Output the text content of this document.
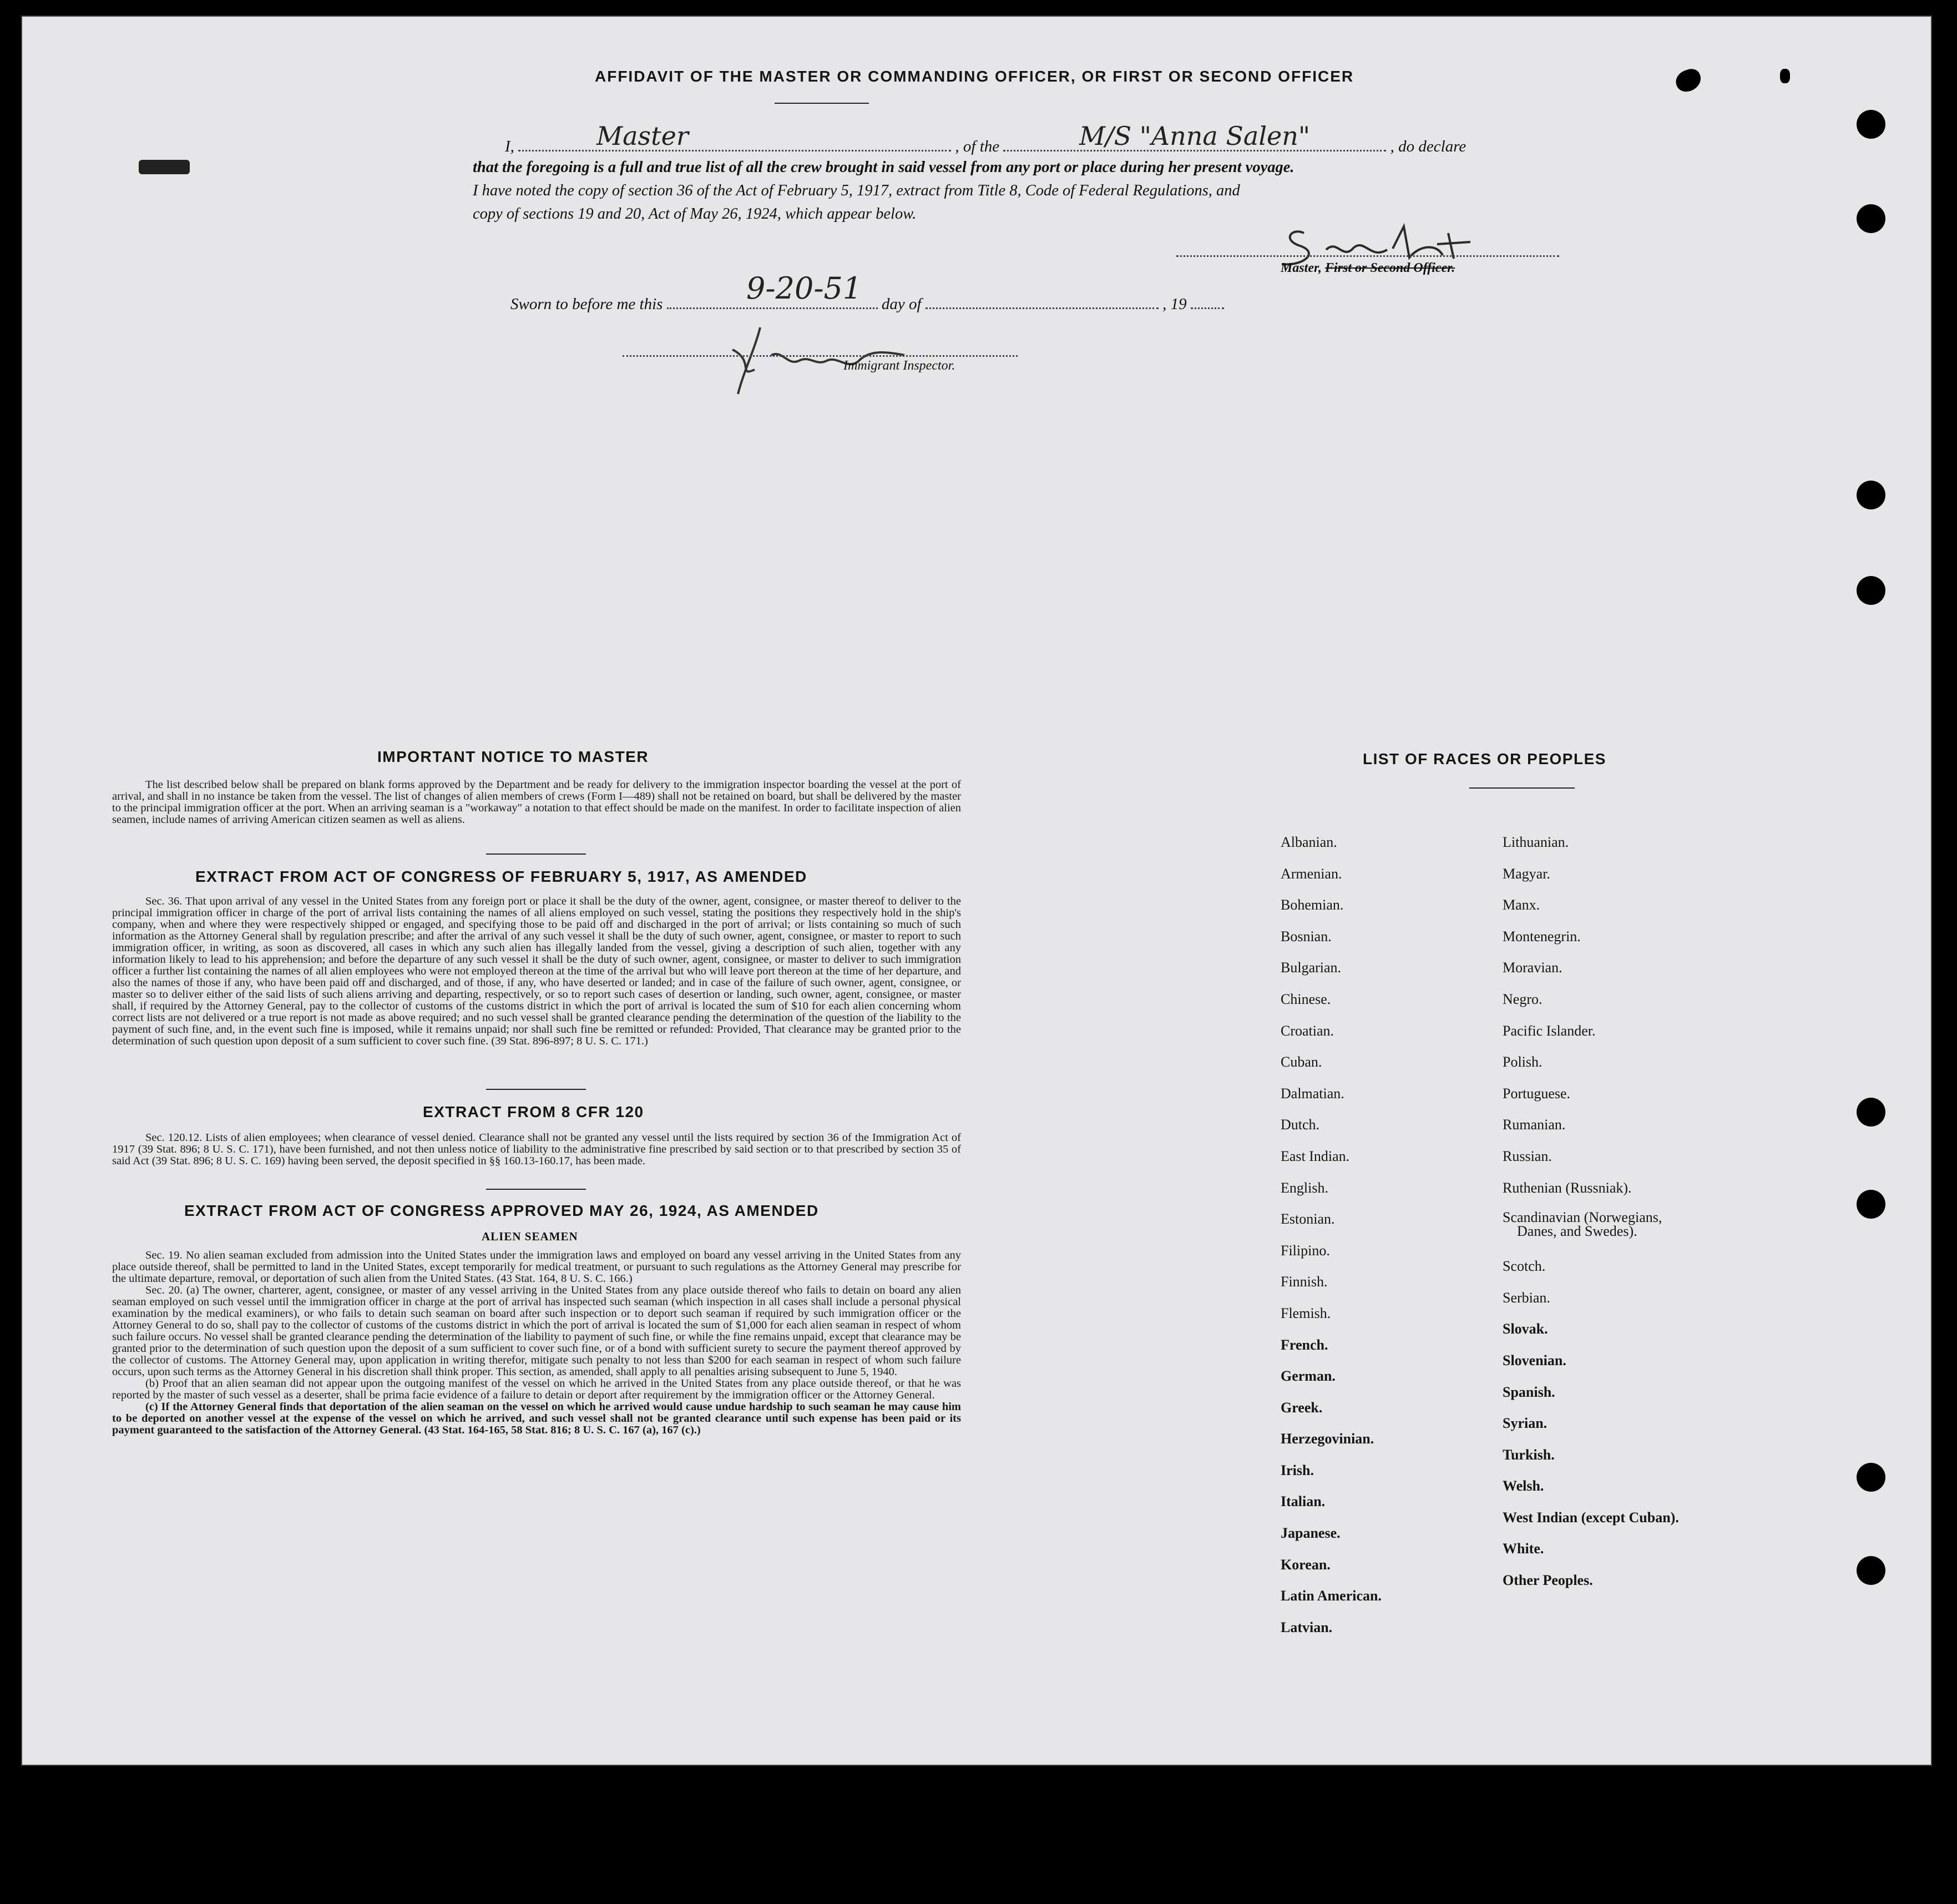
AFFIDAVIT OF THE MASTER OR COMMANDING OFFICER, OR FIRST OR SECOND OFFICER
I,	, of the	, do declare
Master	M/S "Anna Salen"
that the foregoing is a full and true list of all the crew brought in said vessel from any port or place during her present voyage.
I have noted the copy of section 36 of the Act of February 5, 1917, extract from Title 8, Code of Federal Regulations, and
copy of sections 19 and 20, Act of May 26, 1924, which appear below.
Master, First or Second Officer.
Sworn to before me this	day of	, 19
9-20-51
Immigrant Inspector.
IMPORTANT NOTICE TO MASTER

The list described below shall be prepared on blank forms approved by the Department and be ready for delivery to the immigration inspector boarding the vessel at the port of arrival, and shall in no instance be taken from the vessel. The list of changes of alien members of crews (Form I—489) shall not be retained on board, but shall be delivered by the master to the principal immigration officer at the port. When an arriving seaman is a "workaway" a notation to that effect should be made on the manifest. In order to facilitate inspection of alien seamen, include names of arriving American citizen seamen as well as aliens.

EXTRACT FROM ACT OF CONGRESS OF FEBRUARY 5, 1917, AS AMENDED

Sec. 36. That upon arrival of any vessel in the United States from any foreign port or place it shall be the duty of the owner, agent, consignee, or master thereof to deliver to the principal immigration officer in charge of the port of arrival lists containing the names of all aliens employed on such vessel, stating the positions they respectively hold in the ship's company, when and where they were respectively shipped or engaged, and specifying those to be paid off and discharged in the port of arrival; or lists containing so much of such information as the Attorney General shall by regulation prescribe; and after the arrival of any such vessel it shall be the duty of such owner, agent, consignee, or master to report to such immigration officer, in writing, as soon as discovered, all cases in which any such alien has illegally landed from the vessel, giving a description of such alien, together with any information likely to lead to his apprehension; and before the departure of any such vessel it shall be the duty of such owner, agent, consignee, or master to deliver to such immigration officer a further list containing the names of all alien employees who were not employed thereon at the time of the arrival but who will leave port thereon at the time of her departure, and also the names of those if any, who have been paid off and discharged, and of those, if any, who have deserted or landed; and in case of the failure of such owner, agent, consignee, or master so to deliver either of the said lists of such aliens arriving and departing, respectively, or so to report such cases of desertion or landing, such owner, agent, consignee, or master shall, if required by the Attorney General, pay to the collector of customs of the customs district in which the port of arrival is located the sum of $10 for each alien concerning whom correct lists are not delivered or a true report is not made as above required; and no such vessel shall be granted clearance pending the determination of the question of the liability to the payment of such fine, and, in the event such fine is imposed, while it remains unpaid; nor shall such fine be remitted or refunded: Provided, That clearance may be granted prior to the determination of such question upon deposit of a sum sufficient to cover such fine. (39 Stat. 896-897; 8 U. S. C. 171.)

EXTRACT FROM 8 CFR 120

Sec. 120.12. Lists of alien employees; when clearance of vessel denied. Clearance shall not be granted any vessel until the lists required by section 36 of the Immigration Act of 1917 (39 Stat. 896; 8 U. S. C. 171), have been furnished, and not then unless notice of liability to the administrative fine prescribed by said section or to that prescribed by section 35 of said Act (39 Stat. 896; 8 U. S. C. 169) having been served, the deposit specified in §§ 160.13-160.17, has been made.

EXTRACT FROM ACT OF CONGRESS APPROVED MAY 26, 1924, AS AMENDED
ALIEN SEAMEN

Sec. 19. No alien seaman excluded from admission into the United States under the immigration laws and employed on board any vessel arriving in the United States from any place outside thereof, shall be permitted to land in the United States, except temporarily for medical treatment, or pursuant to such regulations as the Attorney General may prescribe for the ultimate departure, removal, or deportation of such alien from the United States. (43 Stat. 164, 8 U. S. C. 166.)

Sec. 20. (a) The owner, charterer, agent, consignee, or master of any vessel arriving in the United States from any place outside thereof who fails to detain on board any alien seaman employed on such vessel until the immigration officer in charge at the port of arrival has inspected such seaman (which inspection in all cases shall include a personal physical examination by the medical examiners), or who fails to detain such seaman on board after such inspection or to deport such seaman if required by such immigration officer or the Attorney General to do so, shall pay to the collector of customs of the customs district in which the port of arrival is located the sum of $1,000 for each alien seaman in respect of whom such failure occurs. No vessel shall be granted clearance pending the determination of the liability to payment of such fine, or while the fine remains unpaid, except that clearance may be granted prior to the determination of such question upon the deposit of a sum sufficient to cover such fine, or of a bond with sufficient surety to secure the payment thereof approved by the collector of customs. The Attorney General may, upon application in writing therefor, mitigate such penalty to not less than $200 for each seaman in respect of whom such failure occurs, upon such terms as the Attorney General in his discretion shall think proper. This section, as amended, shall apply to all penalties arising subsequent to June 5, 1940.

(b) Proof that an alien seaman did not appear upon the outgoing manifest of the vessel on which he arrived in the United States from any place outside thereof, or that he was reported by the master of such vessel as a deserter, shall be prima facie evidence of a failure to detain or deport after requirement by the immigration officer or the Attorney General.

(c) If the Attorney General finds that deportation of the alien seaman on the vessel on which he arrived would cause undue hardship to such seaman he may cause him to be deported on another vessel at the expense of the vessel on which he arrived, and such vessel shall not be granted clearance until such expense has been paid or its payment guaranteed to the satisfaction of the Attorney General. (43 Stat. 164-165, 58 Stat. 816; 8 U. S. C. 167 (a), 167 (c).)

LIST OF RACES OR PEOPLES
Albanian.
Armenian.
Bohemian.
Bosnian.
Bulgarian.
Chinese.
Croatian.
Cuban.
Dalmatian.
Dutch.
East Indian.
English.
Estonian.
Filipino.
Finnish.
Flemish.
French.
German.
Greek.
Herzegovinian.
Irish.
Italian.
Japanese.
Korean.
Latin American.
Latvian.
Lithuanian.
Magyar.
Manx.
Montenegrin.
Moravian.
Negro.
Pacific Islander.
Polish.
Portuguese.
Rumanian.
Russian.
Ruthenian (Russniak).
Scandinavian (Norwegians,
Danes, and Swedes).
Scotch.
Serbian.
Slovak.
Slovenian.
Spanish.
Syrian.
Turkish.
Welsh.
West Indian (except Cuban).
White.
Other Peoples.
